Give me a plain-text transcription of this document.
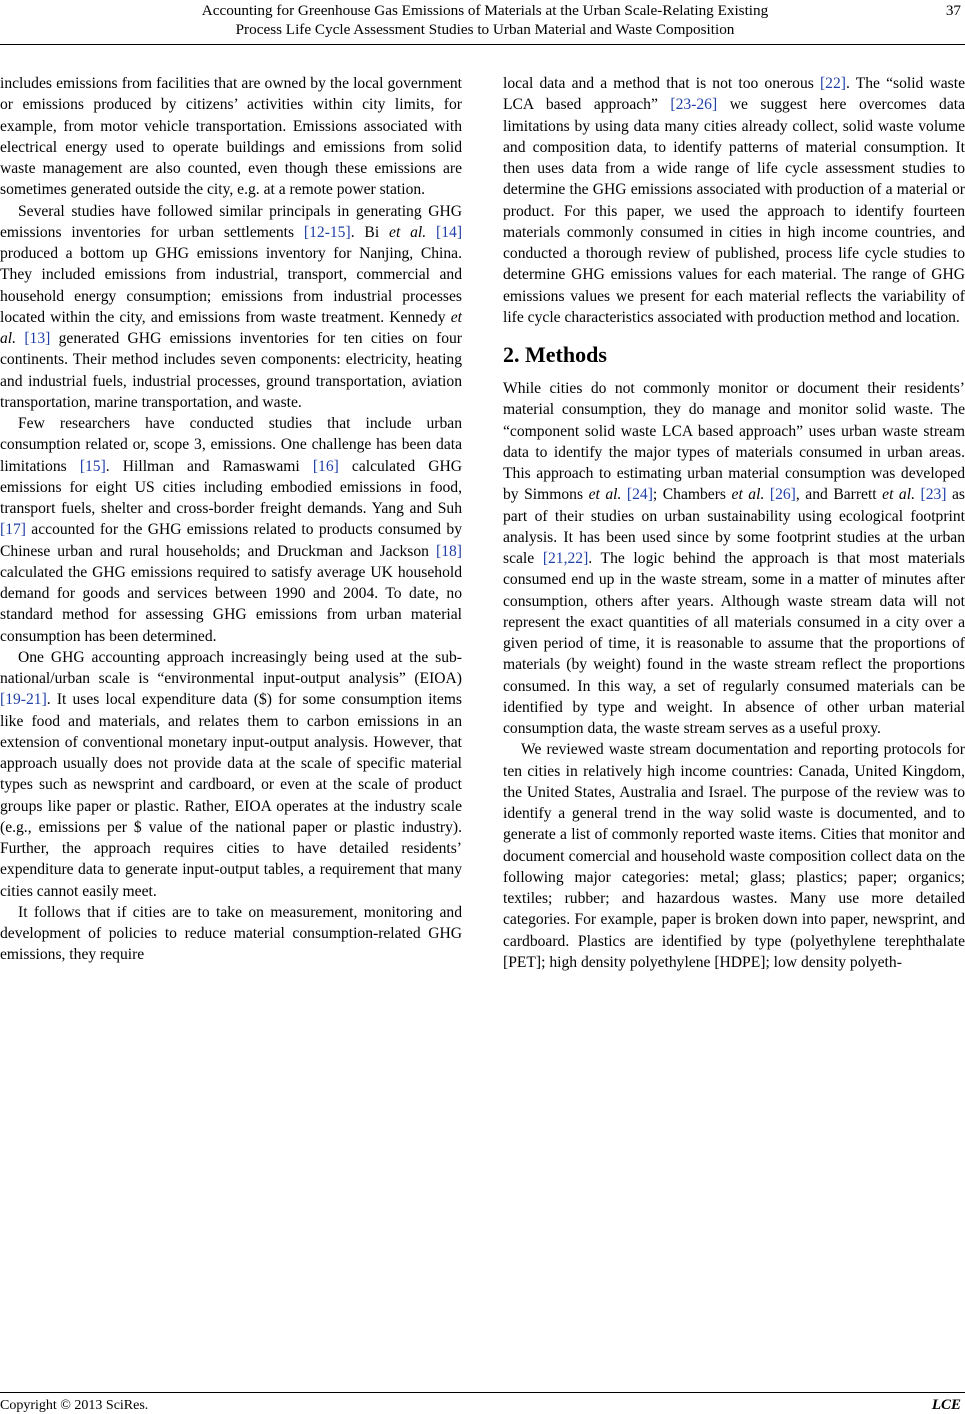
Accounting for Greenhouse Gas Emissions of Materials at the Urban Scale-Relating Existing
Process Life Cycle Assessment Studies to Urban Material and Waste Composition
37

includes emissions from facilities that are owned by the local government or emissions produced by citizens’ activities within city limits, for example, from motor vehicle transportation. Emissions associated with electrical energy used to operate buildings and emissions from solid waste management are also counted, even though these emissions are sometimes generated outside the city, e.g. at a remote power station.

Several studies have followed similar principals in generating GHG emissions inventories for urban settlements [12-15]. Bi et al. [14] produced a bottom up GHG emissions inventory for Nanjing, China. They included emissions from industrial, transport, commercial and household energy consumption; emissions from industrial processes located within the city, and emissions from waste treatment. Kennedy et al. [13] generated GHG emissions inventories for ten cities on four continents. Their method includes seven components: electricity, heating and industrial fuels, industrial processes, ground transportation, aviation transportation, marine transportation, and waste.

Few researchers have conducted studies that include urban consumption related or, scope 3, emissions. One challenge has been data limitations [15]. Hillman and Ramaswami [16] calculated GHG emissions for eight US cities including embodied emissions in food, transport fuels, shelter and cross-border freight demands. Yang and Suh [17] accounted for the GHG emissions related to products consumed by Chinese urban and rural households; and Druckman and Jackson [18] calculated the GHG emissions required to satisfy average UK household demand for goods and services between 1990 and 2004. To date, no standard method for assessing GHG emissions from urban material consumption has been determined.

One GHG accounting approach increasingly being used at the sub-national/urban scale is “environmental input-output analysis” (EIOA) [19-21]. It uses local expenditure data ($) for some consumption items like food and materials, and relates them to carbon emissions in an extension of conventional monetary input-output analysis. However, that approach usually does not provide data at the scale of specific material types such as newsprint and cardboard, or even at the scale of product groups like paper or plastic. Rather, EIOA operates at the industry scale (e.g., emissions per $ value of the national paper or plastic industry). Further, the approach requires cities to have detailed residents’ expenditure data to generate input-output tables, a requirement that many cities cannot easily meet.

It follows that if cities are to take on measurement, monitoring and development of policies to reduce material consumption-related GHG emissions, they require

local data and a method that is not too onerous [22]. The “solid waste LCA based approach” [23-26] we suggest here overcomes data limitations by using data many cities already collect, solid waste volume and composition data, to identify patterns of material consumption. It then uses data from a wide range of life cycle assessment studies to determine the GHG emissions associated with production of a material or product. For this paper, we used the approach to identify fourteen materials commonly consumed in cities in high income countries, and conducted a thorough review of published, process life cycle studies to determine GHG emissions values for each material. The range of GHG emissions values we present for each material reflects the variability of life cycle characteristics associated with production method and location.

2. Methods

While cities do not commonly monitor or document their residents’ material consumption, they do manage and monitor solid waste. The “component solid waste LCA based approach” uses urban waste stream data to identify the major types of materials consumed in urban areas. This approach to estimating urban material consumption was developed by Simmons et al. [24]; Chambers et al. [26], and Barrett et al. [23] as part of their studies on urban sustainability using ecological footprint analysis. It has been used since by some footprint studies at the urban scale [21,22]. The logic behind the approach is that most materials consumed end up in the waste stream, some in a matter of minutes after consumption, others after years. Although waste stream data will not represent the exact quantities of all materials consumed in a city over a given period of time, it is reasonable to assume that the proportions of materials (by weight) found in the waste stream reflect the proportions consumed. In this way, a set of regularly consumed materials can be identified by type and weight. In absence of other urban material consumption data, the waste stream serves as a useful proxy.

We reviewed waste stream documentation and reporting protocols for ten cities in relatively high income countries: Canada, United Kingdom, the United States, Australia and Israel. The purpose of the review was to identify a general trend in the way solid waste is documented, and to generate a list of commonly reported waste items. Cities that monitor and document comercial and household waste composition collect data on the following major categories: metal; glass; plastics; paper; organics; textiles; rubber; and hazardous wastes. Many use more detailed categories. For example, paper is broken down into paper, newsprint, and cardboard. Plastics are identified by type (polyethylene terephthalate [PET]; high density polyethylene [HDPE]; low density polyeth-

Copyright © 2013 SciRes.	LCE
